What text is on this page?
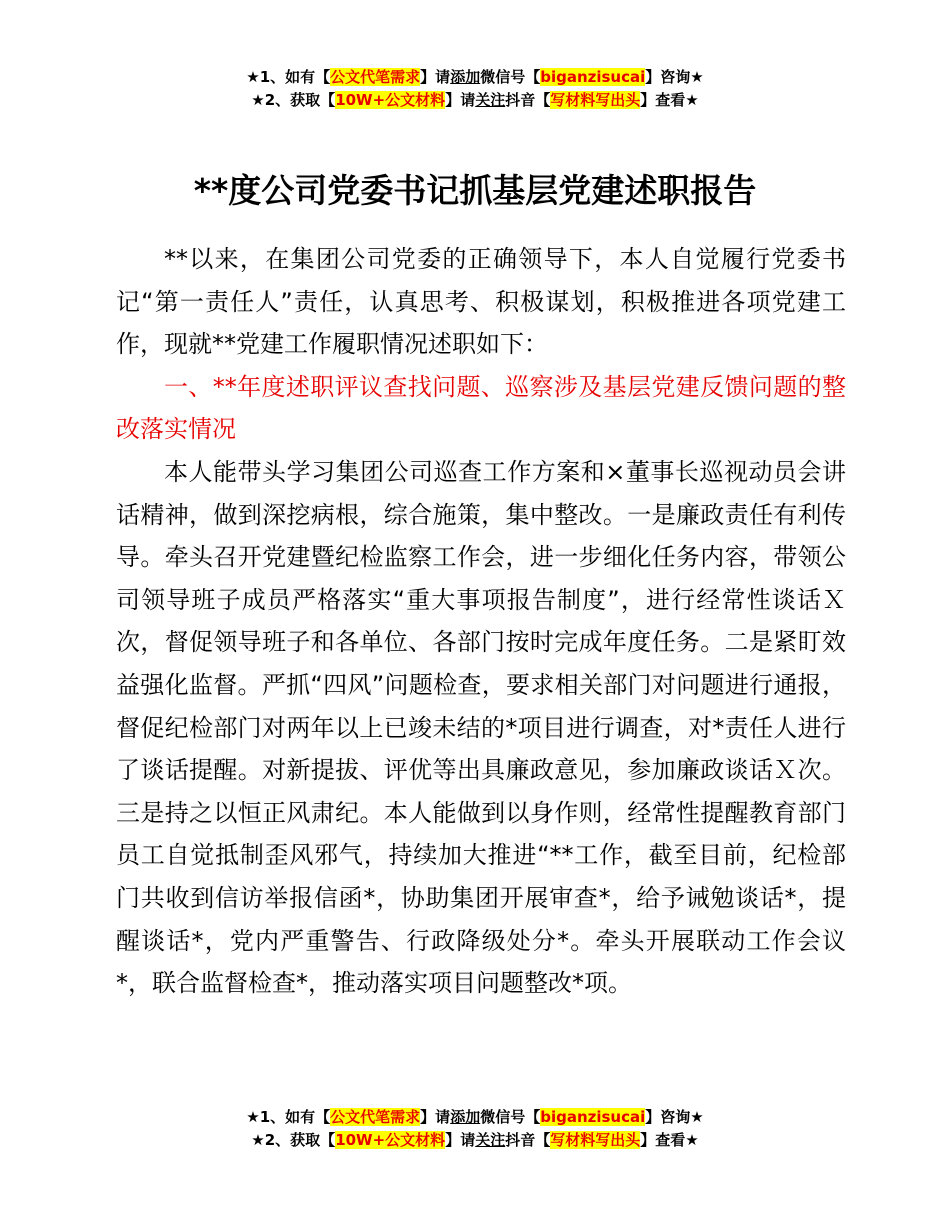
★1、如有【公文代笔需求】请添加微信号【biganzisucai】咨询★
★2、获取【10W+公文材料】请关注抖音【写材料写出头】查看★
**度公司党委书记抓基层党建述职报告

**以来，在集团公司党委的正确领导下，本人自觉履行党委书记“第一责任人”责任，认真思考、积极谋划，积极推进各项党建工作，现就**党建工作履职情况述职如下：

一、**年度述职评议查找问题、巡察涉及基层党建反馈问题的整改落实情况

本人能带头学习集团公司巡查工作方案和×董事长巡视动员会讲话精神，做到深挖病根，综合施策，集中整改。一是廉政责任有利传导。牵头召开党建暨纪检监察工作会，进一步细化任务内容，带领公司领导班子成员严格落实“重大事项报告制度”，进行经常性谈话Ｘ次，督促领导班子和各单位、各部门按时完成年度任务。二是紧盯效益强化监督。严抓“四风”问题检查，要求相关部门对问题进行通报，督促纪检部门对两年以上已竣未结的*项目进行调查，对*责任人进行了谈话提醒。对新提拔、评优等出具廉政意见，参加廉政谈话Ｘ次。三是持之以恒正风肃纪。本人能做到以身作则，经常性提醒教育部门员工自觉抵制歪风邪气，持续加大推进“**工作，截至目前，纪检部门共收到信访举报信函*，协助集团开展审查*，给予诫勉谈话*，提醒谈话*，党内严重警告、行政降级处分*。牵头开展联动工作会议*，联合监督检查*，推动落实项目问题整改*项。

★1、如有【公文代笔需求】请添加微信号【biganzisucai】咨询★
★2、获取【10W+公文材料】请关注抖音【写材料写出头】查看★
